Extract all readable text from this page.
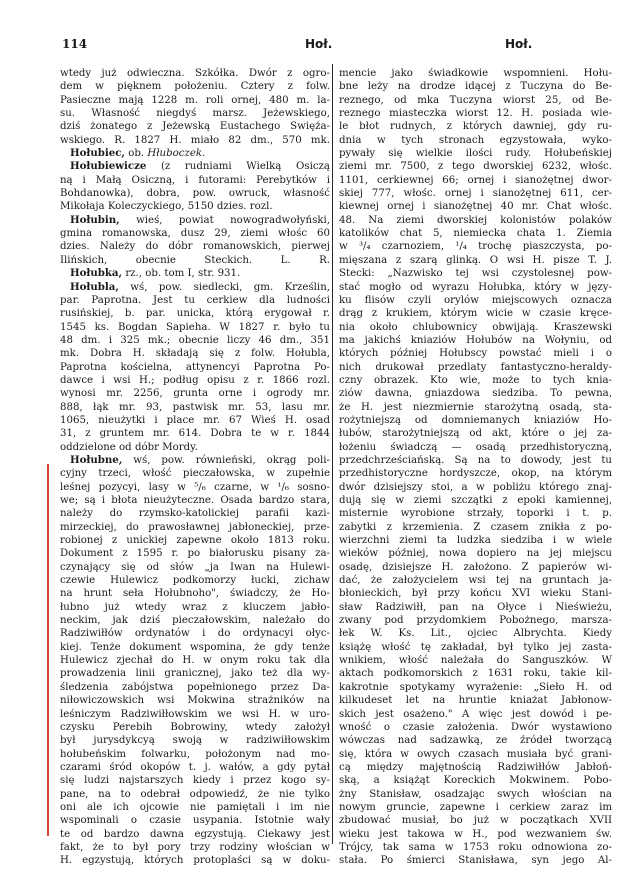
114	Hoł.	Hoł.
wtedy już odwieczna. Szkółka. Dwór z ogro-
dem w pięknem położeniu. Cztery z folw.
Pasieczne mają 1228 m. roli ornej, 480 m. la-
su. Własność niegdyś marsz. Jeżewskiego,
dziś żonatego z Jeżewską Eustachego Swięża-
wskiego. R. 1827 H. miało 82 dm., 570 mk.
Hołubiec, ob. Hłuboczek.
Hołubiewicze (z rudniami Wielką Osiczą
ną i Małą Osiczną, i futorami: Perebytków i
Bohdanowka), dobra, pow. owruck, własność
Mikołaja Koleczyckiego, 5150 dzies. rozl.
Hołubin, wieś, powiat nowogradwołyński,
gmina romanowska, dusz 29, ziemi włośc 60
dzies. Należy do dóbr romanowskich, pierwej
Ilińskich, obecnie Steckich. L. R.
Hołubka, rz., ob. tom I, str. 931.
Hołubla, wś, pow. siedlecki, gm. Krześlin,
par. Paprotna. Jest tu cerkiew dla ludności
rusińskiej, b. par. unicka, którą erygował r.
1545 ks. Bogdan Sapieha. W 1827 r. było tu
48 dm. i 325 mk.; obecnie liczy 46 dm., 351
mk. Dobra H. składają się z folw. Hołubla,
Paprotna kościelna, attynencyi Paprotna Po-
dawce i wsi H.; podług opisu z r. 1866 rozl.
wynosi mr. 2256, grunta orne i ogrody mr.
888, łąk mr. 93, pastwisk mr. 53, lasu mr.
1065, nieużytki i place mr. 67 Wieś H. osad
31, z gruntem mr. 614. Dobra te w r. 1844
oddzielone od dóbr Mordy.
Hołubne, wś, pow. równieński, okrąg poli-
cyjny trzeci, włość pieczałowska, w zupełnie
leśnej pozycyi, lasy w ⁵/₆ czarne, w ¹/₆ sosno-
we; są i błota nieużyteczne. Osada bardzo stara,
należy do rzymsko-katolickiej parafii kazi-
mirzeckiej, do prawosławnej jabłoneckiej, prze-
robionej z unickiej zapewne około 1813 roku.
Dokument z 1595 r. po białorusku pisany za-
czynający się od słów „ja Iwan na Hulewi-
czewie Hulewicz podkomorzy łucki, zichaw
na hrunt seła Hołubnoho", świadczy, że Ho-
łubno już wtedy wraz z kluczem jabło-
neckim, jak dziś pieczałowskim, należało do
Radziwiłłów ordynatów i do ordynacyi ołyc-
kiej. Tenże dokument wspomina, że gdy tenże
Hulewicz zjechał do H. w onym roku tak dla
prowadzenia linii granicznej, jako też dla wy-
śledzenia zabójstwa popełnionego przez Da-
niłowiczowskich wsi Mokwina strażników na
leśniczym Radziwiłłowskim we wsi H. w uro-
czysku Perebih Bobrowiny, wtedy założył
był jurysdykcyą swoją w radziwiłłowskim
hołubeńskim folwarku, położonym nad mo-
czarami śród okopów t. j. wałów, a gdy pytał
się ludzi najstarszych kiedy i przez kogo sy-
pane, na to odebrał odpowiedź, że nie tylko
oni ale ich ojcowie nie pamiętali i im nie
wspominali o czasie usypania. Istotnie wały
te od bardzo dawna egzystują. Ciekawy jest
fakt, że to był pory trzy rodziny włościan w
H. egzystują, których protoplaści są w doku-
mencie jako świadkowie wspomnieni. Hołu-
bne leży na drodze idącej z Tuczyna do Be-
reznego, od mka Tuczyna wiorst 25, od Be-
reznego miasteczka wiorst 12. H. posiada wie-
le błot rudnych, z których dawniej, gdy ru-
dnia w tych stronach egzystowała, wyko-
pywały się wielkie ilości rudy. Hołubeńskiej
ziemi mr. 7500, z tego dworskiej 6232, włośc.
1101, cerkiewnej 66; ornej i sianożętnej dwor-
skiej 777, włośc. ornej i sianożętnej 611, cer-
kiewnej ornej i sianożętnej 40 mr. Chat włośc.
48. Na ziemi dworskiej kolonistów polaków
katolików chat 5, niemiecka chata 1. Ziemia
w ³/₄ czarnoziem, ¹/₄ trochę piaszczysta, po-
mięszana z szarą glinką. O wsi H. pisze T. J.
Stecki: „Nazwisko tej wsi czystolesnej pow-
stać mogło od wyrazu Hołubka, który w języ-
ku flisów czyli orylów miejscowych oznacza
drąg z krukiem, którym wicie w czasie kręce-
nia około chlubownicy obwijają. Kraszewski
ma jakichś kniaziów Hołubów na Wołyniu, od
których później Hołubscy powstać mieli i o
nich drukował przedlaty fantastyczno-heraldy-
czny obrazek. Kto wie, może to tych knia-
ziów dawna, gniazdowa siedziba. To pewna,
że H. jest niezmiernie starożytną osadą, sta-
rożytniejszą od domniemanych kniaziów Ho-
łubów, starożytniejszą od akt, które o jej za-
łożeniu świadczą — osadą przedhistoryczną,
przedchrześciańską. Są na to dowody, jest tu
przedhistoryczne hordyszcze, okop, na którym
dwór dzisiejszy stoi, a w pobliżu którego znaj-
dują się w ziemi szczątki z epoki kamiennej,
misternie wyrobione strzały, toporki i t. p.
zabytki z krzemienia. Z czasem znikła z po-
wierzchni ziemi ta ludzka siedziba i w wiele
wieków później, nowa dopiero na jej miejscu
osadę, dzisiejsze H. założono. Z papierów wi-
dać, że założycielem wsi tej na gruntach ja-
błonieckich, był przy końcu XVI wieku Stani-
sław Radziwiłł, pan na Ołyce i Nieświeżu,
zwany pod przydomkiem Pobożnego, marsza-
łek W. Ks. Lit., ojciec Albrychta. Kiedy
książę włość tę zakładał, był tylko jej zasta-
wnikiem, włość należała do Sanguszków. W
aktach podkomorskich z 1631 roku, takie kil-
kakrotnie spotykamy wyrażenie: „Sieło H. od
kilkudeset let na hruntie kniażat Jabłonow-
skich jest osażeno." A więc jest dowód i pe-
wność o czasie założenia. Dwór wystawiono
wówczas nad sadzawką, ze źródeł tworzącą
się, która w owych czasach musiała być grani-
cą między majętnością Radziwiłłów Jabłoń-
ską, a książąt Koreckich Mokwinem. Pobo-
żny Stanisław, osadzając swych włościan na
nowym gruncie, zapewne i cerkiew zaraz im
zbudować musiał, bo już w początkach XVII
wieku jest takowa w H., pod wezwaniem św.
Trójcy, tak sama w 1753 roku odnowiona zo-
stała. Po śmierci Stanisława, syn jego Al-
